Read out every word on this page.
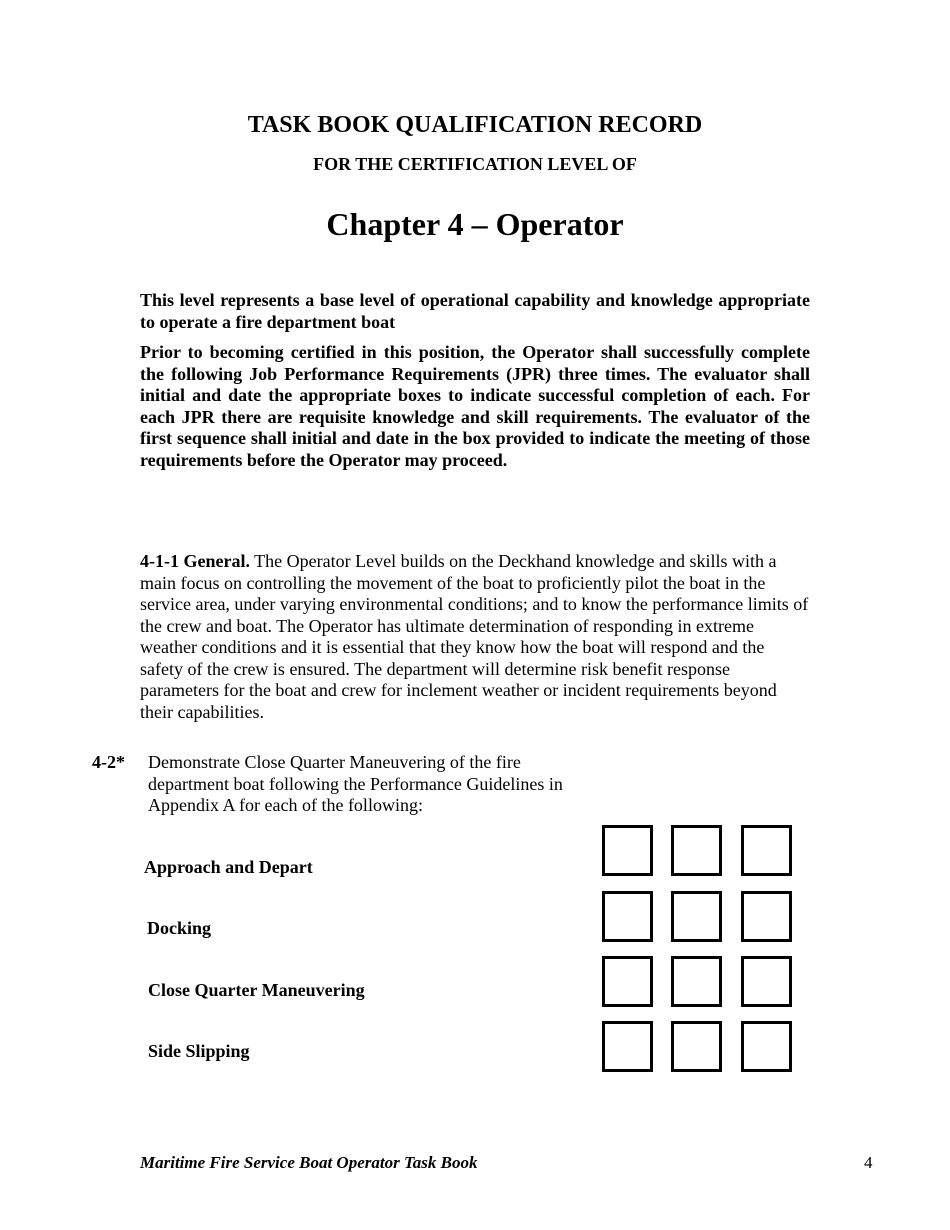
TASK BOOK QUALIFICATION RECORD
FOR THE CERTIFICATION LEVEL OF
Chapter 4 – Operator
This level represents a base level of operational capability and knowledge appropriate to operate a fire department boat
Prior to becoming certified in this position, the Operator shall successfully complete the following Job Performance Requirements (JPR) three times. The evaluator shall initial and date the appropriate boxes to indicate successful completion of each. For each JPR there are requisite knowledge and skill requirements. The evaluator of the first sequence shall initial and date in the box provided to indicate the meeting of those requirements before the Operator may proceed.
4-1-1 General. The Operator Level builds on the Deckhand knowledge and skills with a main focus on controlling the movement of the boat to proficiently pilot the boat in the service area, under varying environmental conditions; and to know the performance limits of the crew and boat. The Operator has ultimate determination of responding in extreme weather conditions and it is essential that they know how the boat will respond and the safety of the crew is ensured. The department will determine risk benefit response parameters for the boat and crew for inclement weather or incident requirements beyond their capabilities.
4-2* Demonstrate Close Quarter Maneuvering of the fire department boat following the Performance Guidelines in Appendix A for each of the following:
Approach and Depart
Docking
Close Quarter Maneuvering
Side Slipping
Maritime Fire Service Boat Operator Task Book	4
